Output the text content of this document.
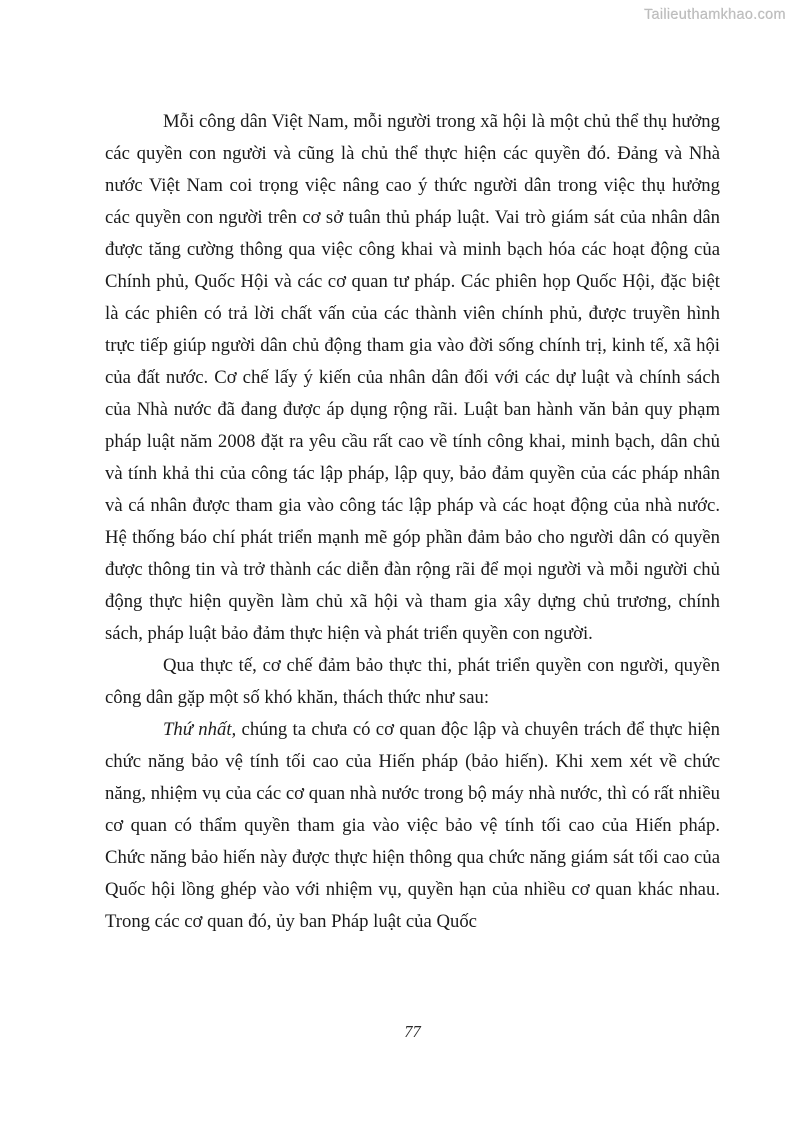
Tailieuthamkhao.com

Mỗi công dân Việt Nam, mỗi người trong xã hội là một chủ thể thụ hưởng các quyền con người và cũng là chủ thể thực hiện các quyền đó. Đảng và Nhà nước Việt Nam coi trọng việc nâng cao ý thức người dân trong việc thụ hưởng các quyền con người trên cơ sở tuân thủ pháp luật. Vai trò giám sát của nhân dân được tăng cường thông qua việc công khai và minh bạch hóa các hoạt động của Chính phủ, Quốc Hội và các cơ quan tư pháp. Các phiên họp Quốc Hội, đặc biệt là các phiên có trả lời chất vấn của các thành viên chính phủ, được truyền hình trực tiếp giúp người dân chủ động tham gia vào đời sống chính trị, kinh tế, xã hội của đất nước. Cơ chế lấy ý kiến của nhân dân đối với các dự luật và chính sách của Nhà nước đã đang được áp dụng rộng rãi. Luật ban hành văn bản quy phạm pháp luật năm 2008 đặt ra yêu cầu rất cao về tính công khai, minh bạch, dân chủ và tính khả thi của công tác lập pháp, lập quy, bảo đảm quyền của các pháp nhân và cá nhân được tham gia vào công tác lập pháp và các hoạt động của nhà nước. Hệ thống báo chí phát triển mạnh mẽ góp phần đảm bảo cho người dân có quyền được thông tin và trở thành các diễn đàn rộng rãi để mọi người và mỗi người chủ động thực hiện quyền làm chủ xã hội và tham gia xây dựng chủ trương, chính sách, pháp luật bảo đảm thực hiện và phát triển quyền con người.

Qua thực tế, cơ chế đảm bảo thực thi, phát triển quyền con người, quyền công dân gặp một số khó khăn, thách thức như sau:

Thứ nhất, chúng ta chưa có cơ quan độc lập và chuyên trách để thực hiện chức năng bảo vệ tính tối cao của Hiến pháp (bảo hiến). Khi xem xét về chức năng, nhiệm vụ của các cơ quan nhà nước trong bộ máy nhà nước, thì có rất nhiều cơ quan có thẩm quyền tham gia vào việc bảo vệ tính tối cao của Hiến pháp. Chức năng bảo hiến này được thực hiện thông qua chức năng giám sát tối cao của Quốc hội lồng ghép vào với nhiệm vụ, quyền hạn của nhiều cơ quan khác nhau. Trong các cơ quan đó, ủy ban Pháp luật của Quốc

77
